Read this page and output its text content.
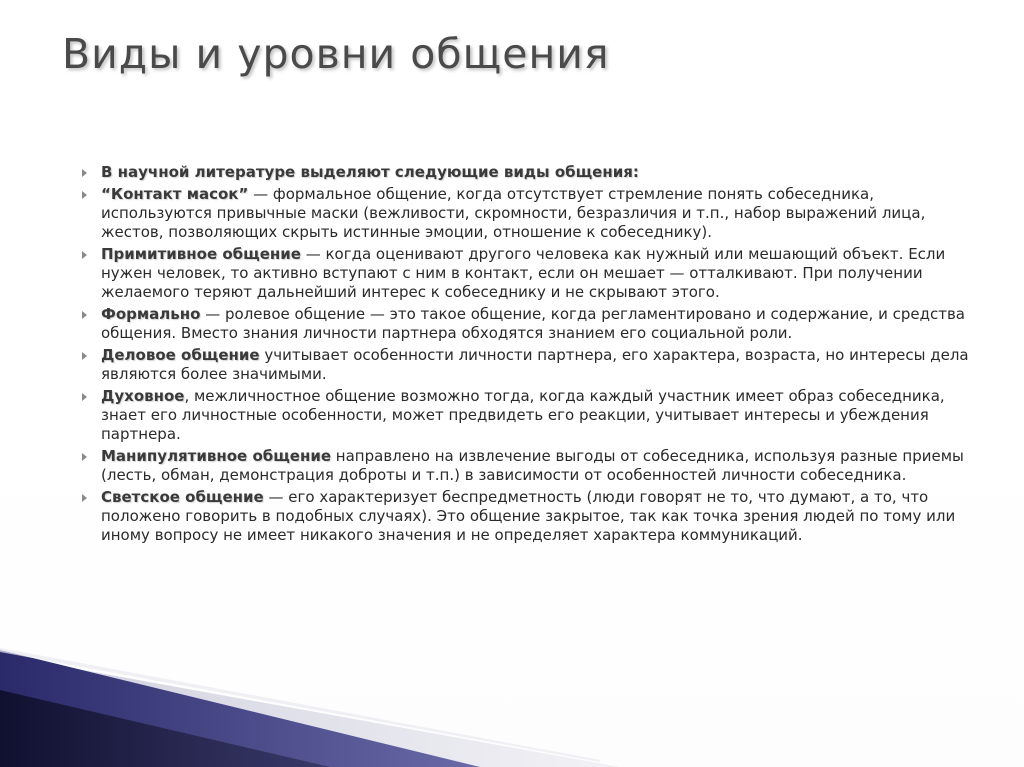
Виды и уровни общения
В научной литературе выделяют следующие виды общения:
“Контакт масок” — формальное общение, когда отсутствует стремление понять собеседника, используются привычные маски (вежливости, скромности, безразличия и т.п., набор выражений лица, жестов, позволяющих скрыть истинные эмоции, отношение к собеседнику).
Примитивное общение — когда оценивают другого человека как нужный или мешающий объект. Если нужен человек, то активно вступают с ним в контакт, если он мешает — отталкивают. При получении желаемого теряют дальнейший интерес к собеседнику и не скрывают этого.
Формально — ролевое общение — это такое общение, когда регламентировано и содержание, и средства общения. Вместо знания личности партнера обходятся знанием его социальной роли.
Деловое общение учитывает особенности личности партнера, его характера, возраста, но интересы дела являются более значимыми.
Духовное, межличностное общение возможно тогда, когда каждый участник имеет образ собеседника, знает его личностные особенности, может предвидеть его реакции, учитывает интересы и убеждения партнера.
Манипулятивное общение направлено на извлечение выгоды от собеседника, используя разные приемы (лесть, обман, демонстрация доброты и т.п.) в зависимости от особенностей личности собеседника.
Светское общение — его характеризует беспредметность (люди говорят не то, что думают, а то, что положено говорить в подобных случаях). Это общение закрытое, так как точка зрения людей по тому или иному вопросу не имеет никакого значения и не определяет характера коммуникаций.
